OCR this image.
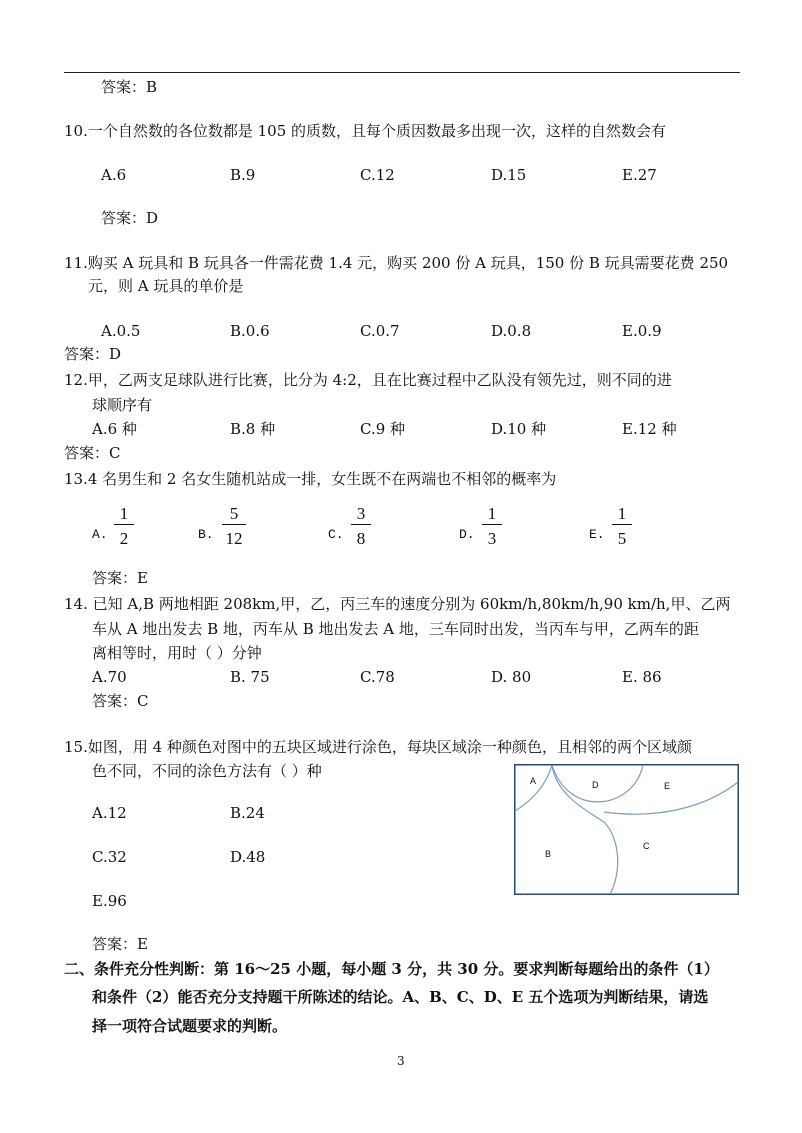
答案：B
10.一个自然数的各位数都是 105 的质数，且每个质因数最多出现一次，这样的自然数会有
A.6	B.9	C.12	D.15	E.27
答案：D
11.购买 A 玩具和 B 玩具各一件需花费 1.4 元，购买 200 份 A 玩具，150 份 B 玩具需要花费 250
元，则 A 玩具的单价是
A.0.5	B.0.6	C.0.7	D.0.8	E.0.9
答案：D
12.甲，乙两支足球队进行比赛，比分为 4:2，且在比赛过程中乙队没有领先过，则不同的进
球顺序有
A.6 种	B.8 种	C.9 种	D.10 种	E.12 种
答案：C
13.4 名男生和 2 名女生随机站成一排，女生既不在两端也不相邻的概率为
A.
1
2	B.
5
12	C.
3
8	D.
1
3	E.
1
5
答案：E
14. 已知 A,B 两地相距 208km,甲，乙，丙三车的速度分别为 60km/h,80km/h,90 km/h,甲、乙两
车从 A 地出发去 B 地，丙车从 B 地出发去 A 地，三车同时出发，当丙车与甲，乙两车的距
离相等时，用时（ ）分钟
A.70	B. 75	C.78	D. 80	E. 86
答案：C
15.如图，用 4 种颜色对图中的五块区域进行涂色，每块区域涂一种颜色，且相邻的两个区域颜
色不同，不同的涂色方法有（ ）种
A.12	B.24
C.32	D.48
E.96
答案：E
A	D	E
B
C
二、条件充分性判断：第 16～25 小题，每小题 3 分，共 30 分。要求判断每题给出的条件（1）
和条件（2）能否充分支持题干所陈述的结论。A、B、C、D、E 五个选项为判断结果，请选
择一项符合试题要求的判断。
3
